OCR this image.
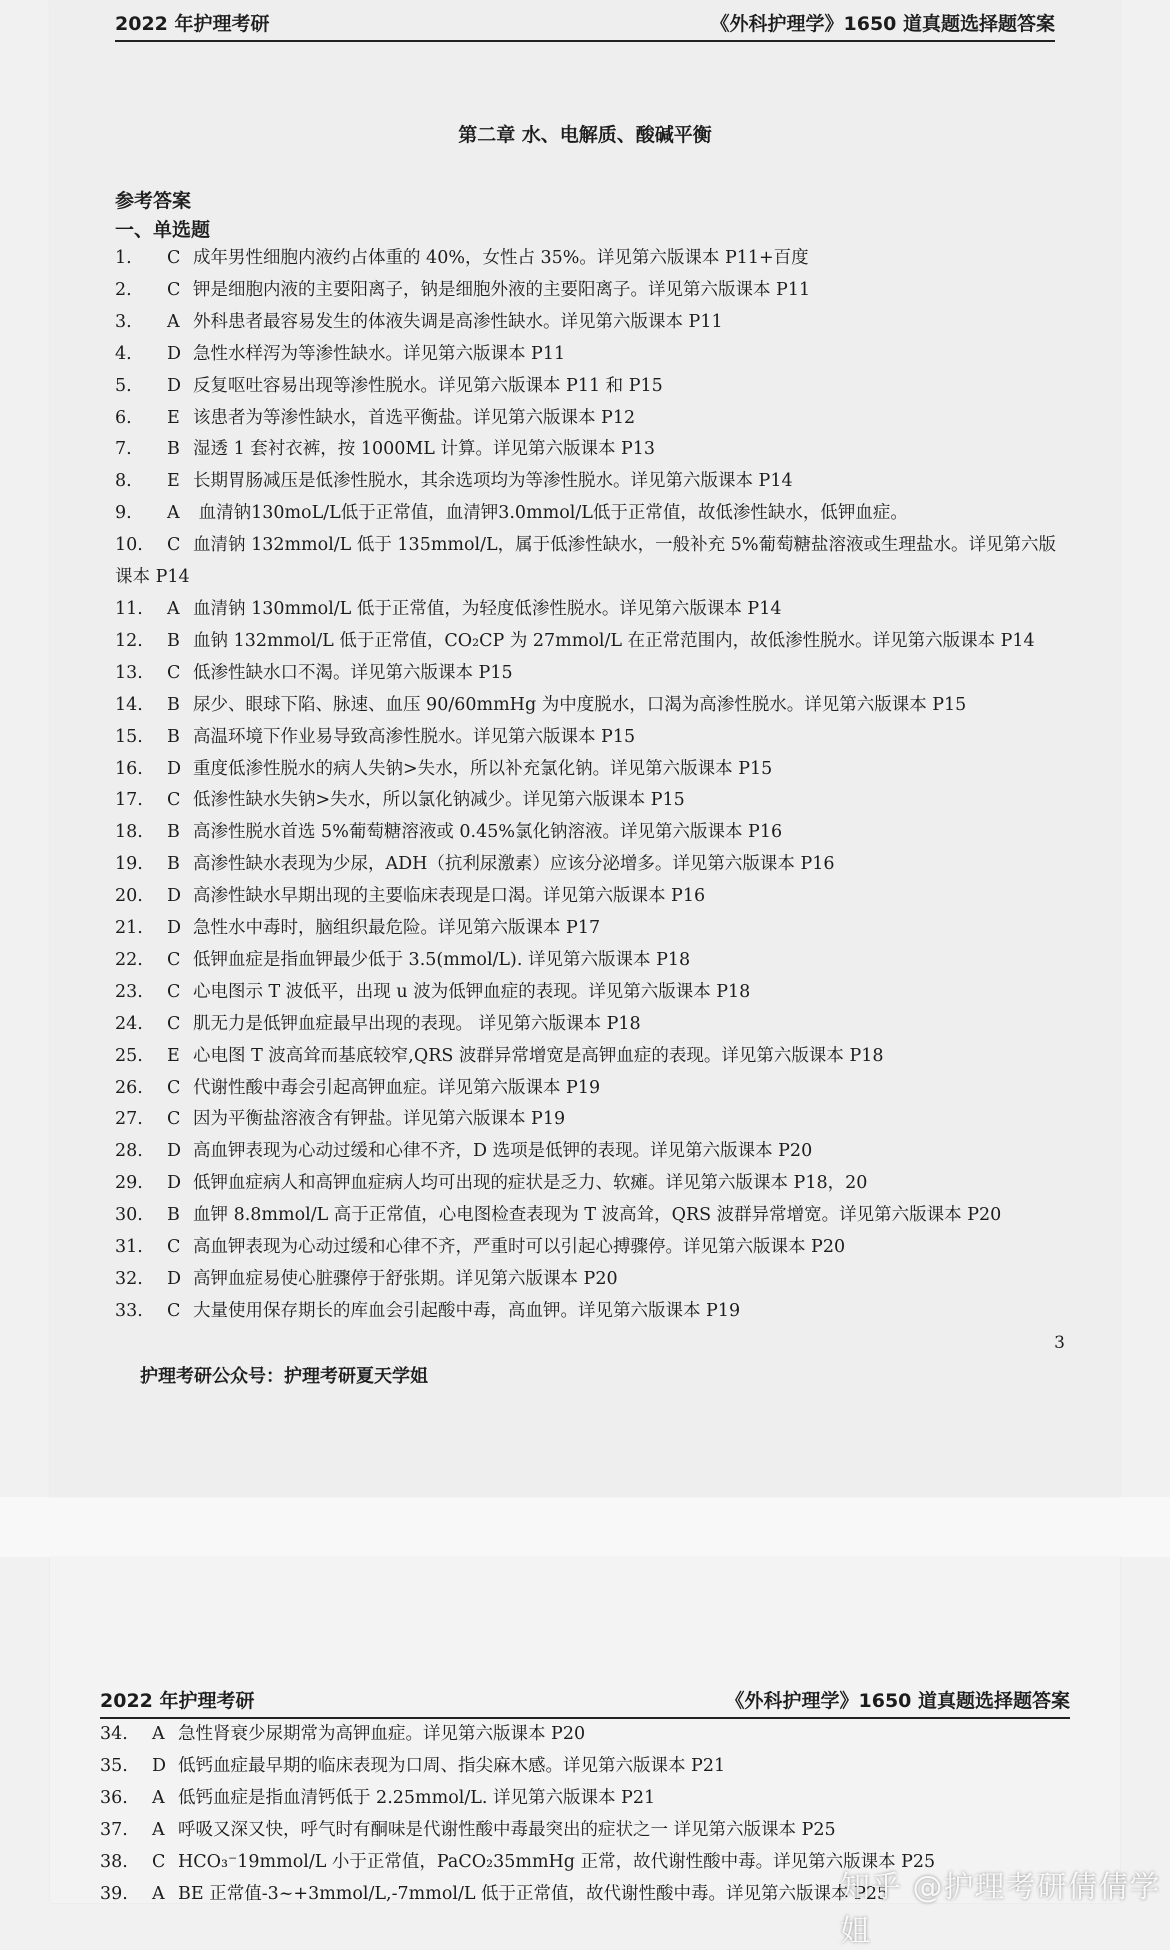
2022 年护理考研	《外科护理学》1650 道真题选择题答案
第二章 水、电解质、酸碱平衡
参考答案
一、单选题
1. C 成年男性细胞内液约占体重的 40%，女性占 35%。详见第六版课本 P11+百度
2. C 钾是细胞内液的主要阳离子，钠是细胞外液的主要阳离子。详见第六版课本 P11
3. A 外科患者最容易发生的体液失调是高渗性缺水。详见第六版课本 P11
4. D 急性水样泻为等渗性缺水。详见第六版课本 P11
5. D 反复呕吐容易出现等渗性脱水。详见第六版课本 P11 和 P15
6. E 该患者为等渗性缺水，首选平衡盐。详见第六版课本 P12
7. B 湿透 1 套衬衣裤，按 1000ML 计算。详见第六版课本 P13
8. E 长期胃肠减压是低渗性脱水，其余选项均为等渗性脱水。详见第六版课本 P14
9. A 血清钠130moL/L低于正常值，血清钾3.0mmol/L低于正常值，故低渗性缺水，低钾血症。
10. C 血清钠 132mmol/L 低于 135mmol/L，属于低渗性缺水，一般补充 5%葡萄糖盐溶液或生理盐水。详见第六版课本 P14
11. A 血清钠 130mmol/L 低于正常值，为轻度低渗性脱水。详见第六版课本 P14
12. B 血钠 132mmol/L 低于正常值，CO₂CP 为 27mmol/L 在正常范围内，故低渗性脱水。详见第六版课本 P14
13. C 低渗性缺水口不渴。详见第六版课本 P15
14. B 尿少、眼球下陷、脉速、血压 90/60mmHg 为中度脱水，口渴为高渗性脱水。详见第六版课本 P15
15. B 高温环境下作业易导致高渗性脱水。详见第六版课本 P15
16. D 重度低渗性脱水的病人失钠>失水，所以补充氯化钠。详见第六版课本 P15
17. C 低渗性缺水失钠>失水，所以氯化钠减少。详见第六版课本 P15
18. B 高渗性脱水首选 5%葡萄糖溶液或 0.45%氯化钠溶液。详见第六版课本 P16
19. B 高渗性缺水表现为少尿，ADH（抗利尿激素）应该分泌增多。详见第六版课本 P16
20. D 高渗性缺水早期出现的主要临床表现是口渴。详见第六版课本 P16
21. D 急性水中毒时，脑组织最危险。详见第六版课本 P17
22. C 低钾血症是指血钾最少低于 3.5(mmol/L). 详见第六版课本 P18
23. C 心电图示 T 波低平，出现 u 波为低钾血症的表现。详见第六版课本 P18
24. C 肌无力是低钾血症最早出现的表现。 详见第六版课本 P18
25. E 心电图 T 波高耸而基底较窄,QRS 波群异常增宽是高钾血症的表现。详见第六版课本 P18
26. C 代谢性酸中毒会引起高钾血症。详见第六版课本 P19
27. C 因为平衡盐溶液含有钾盐。详见第六版课本 P19
28. D 高血钾表现为心动过缓和心律不齐，D 选项是低钾的表现。详见第六版课本 P20
29. D 低钾血症病人和高钾血症病人均可出现的症状是乏力、软瘫。详见第六版课本 P18，20
30. B 血钾 8.8mmol/L 高于正常值，心电图检查表现为 T 波高耸，QRS 波群异常增宽。详见第六版课本 P20
31. C 高血钾表现为心动过缓和心律不齐，严重时可以引起心搏骤停。详见第六版课本 P20
32. D 高钾血症易使心脏骤停于舒张期。详见第六版课本 P20
33. C 大量使用保存期长的库血会引起酸中毒，高血钾。详见第六版课本 P19
3
护理考研公众号：护理考研夏天学姐
2022 年护理考研	《外科护理学》1650 道真题选择题答案
34. A 急性肾衰少尿期常为高钾血症。详见第六版课本 P20
35. D 低钙血症最早期的临床表现为口周、指尖麻木感。详见第六版课本 P21
36. A 低钙血症是指血清钙低于 2.25mmol/L. 详见第六版课本 P21
37. A 呼吸又深又快，呼气时有酮味是代谢性酸中毒最突出的症状之一 详见第六版课本 P25
38. C HCO₃⁻19mmol/L 小于正常值，PaCO₂35mmHg 正常，故代谢性酸中毒。详见第六版课本 P25
39. A BE 正常值-3~+3mmol/L,-7mmol/L 低于正常值，故代谢性酸中毒。详见第六版课本 P25
知乎 @护理考研倩倩学姐
